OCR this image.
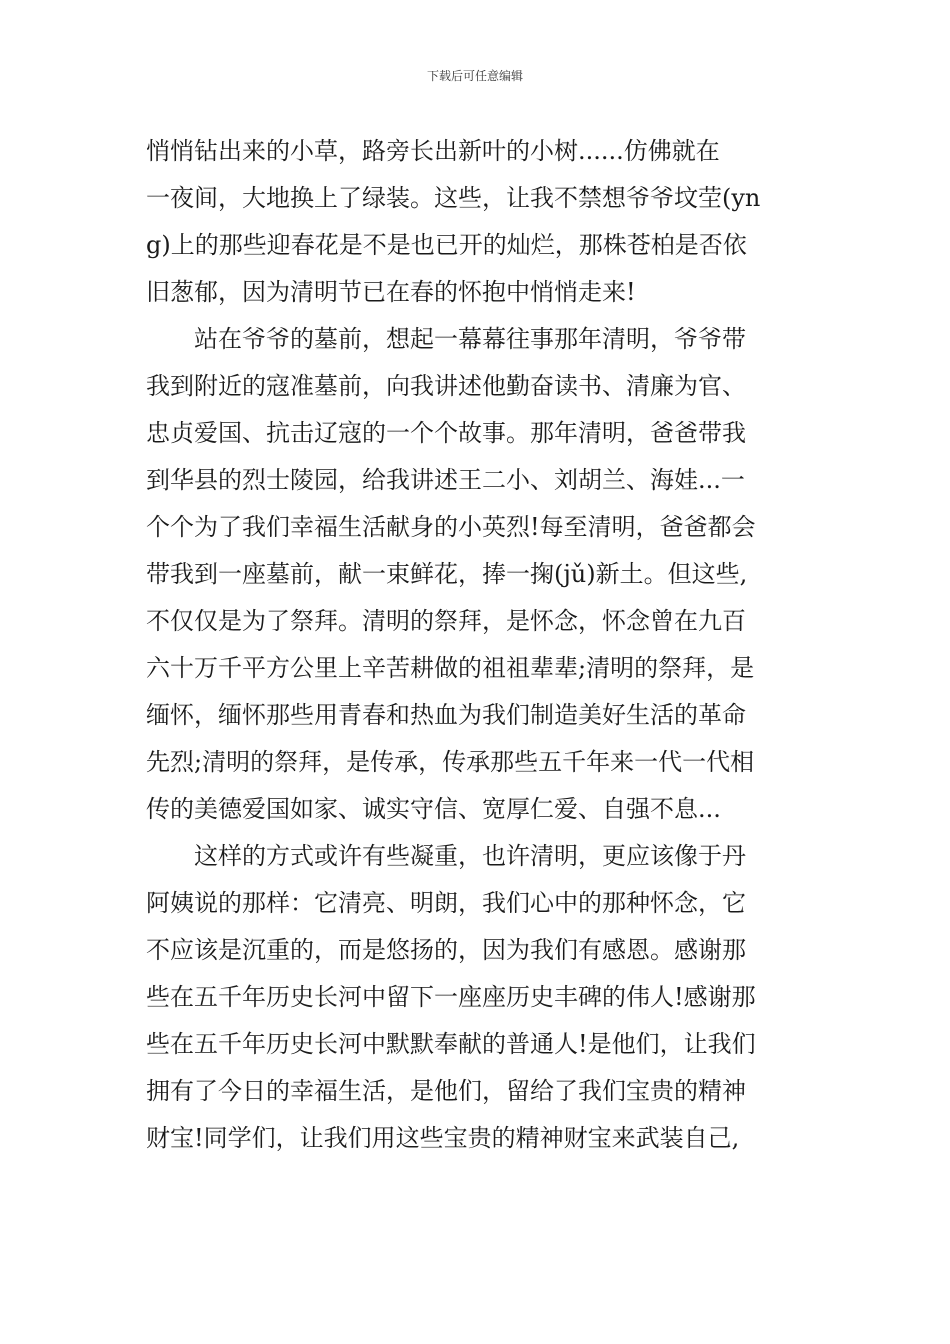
下载后可任意编辑
悄悄钻出来的小草，路旁长出新叶的小树......仿佛就在
一夜间，大地换上了绿装。这些，让我不禁想爷爷坟茔(yn
g)上的那些迎春花是不是也已开的灿烂，那株苍柏是否依
旧葱郁，因为清明节已在春的怀抱中悄悄走来!
　　站在爷爷的墓前，想起一幕幕往事那年清明，爷爷带
我到附近的寇准墓前，向我讲述他勤奋读书、清廉为官、
忠贞爱国、抗击辽寇的一个个故事。那年清明，爸爸带我
到华县的烈士陵园，给我讲述王二小、刘胡兰、海娃...一
个个为了我们幸福生活献身的小英烈!每至清明，爸爸都会
带我到一座墓前，献一束鲜花，捧一掬(jǔ)新土。但这些,
不仅仅是为了祭拜。清明的祭拜，是怀念，怀念曾在九百
六十万千平方公里上辛苦耕做的祖祖辈辈;清明的祭拜，是
缅怀，缅怀那些用青春和热血为我们制造美好生活的革命
先烈;清明的祭拜，是传承，传承那些五千年来一代一代相
传的美德爱国如家、诚实守信、宽厚仁爱、自强不息...
　　这样的方式或许有些凝重，也许清明，更应该像于丹
阿姨说的那样：它清亮、明朗，我们心中的那种怀念，它
不应该是沉重的，而是悠扬的，因为我们有感恩。感谢那
些在五千年历史长河中留下一座座历史丰碑的伟人!感谢那
些在五千年历史长河中默默奉献的普通人!是他们，让我们
拥有了今日的幸福生活，是他们，留给了我们宝贵的精神
财宝!同学们，让我们用这些宝贵的精神财宝来武装自己,
